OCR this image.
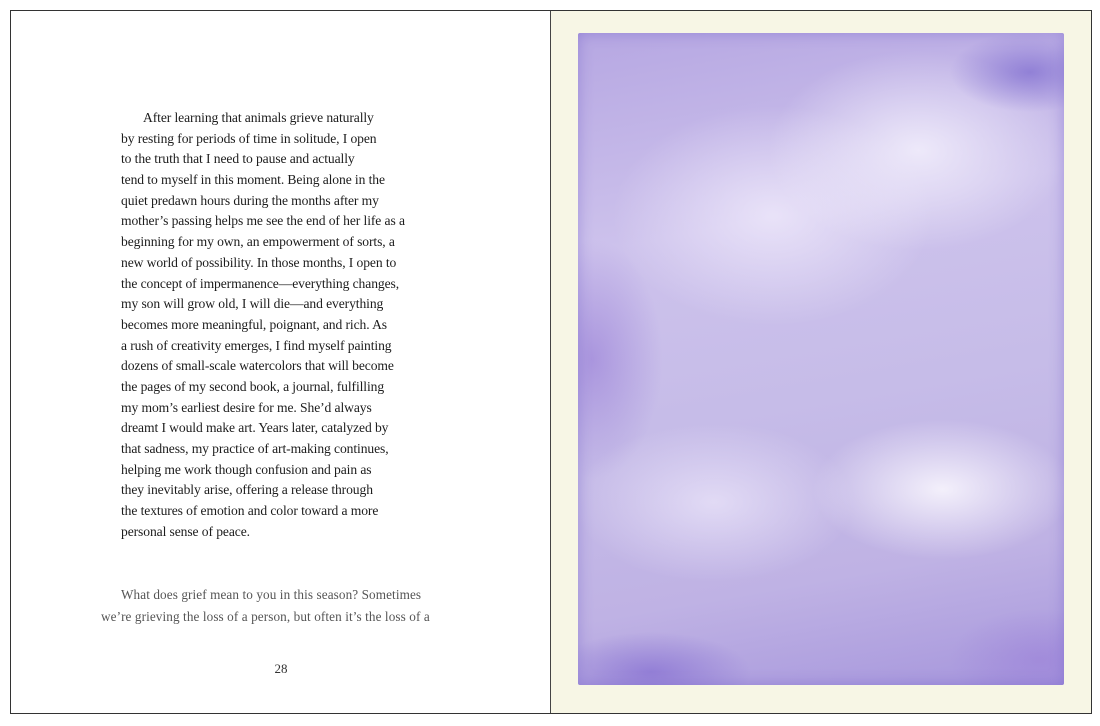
After learning that animals grieve naturally
by resting for periods of time in solitude, I open
to the truth that I need to pause and actually
tend to myself in this moment. Being alone in the
quiet predawn hours during the months after my
mother’s passing helps me see the end of her life as a
beginning for my own, an empowerment of sorts, a
new world of possibility. In those months, I open to
the concept of impermanence—everything changes,
my son will grow old, I will die—and everything
becomes more meaningful, poignant, and rich. As
a rush of creativity emerges, I find myself painting
dozens of small-scale watercolors that will become
the pages of my second book, a journal, fulfilling
my mom’s earliest desire for me. She’d always
dreamt I would make art. Years later, catalyzed by
that sadness, my practice of art-making continues,
helping me work though confusion and pain as
they inevitably arise, offering a release through
the textures of emotion and color toward a more
personal sense of peace.
What does grief mean to you in this season? Sometimes
we’re grieving the loss of a person, but often it’s the loss of a
28
